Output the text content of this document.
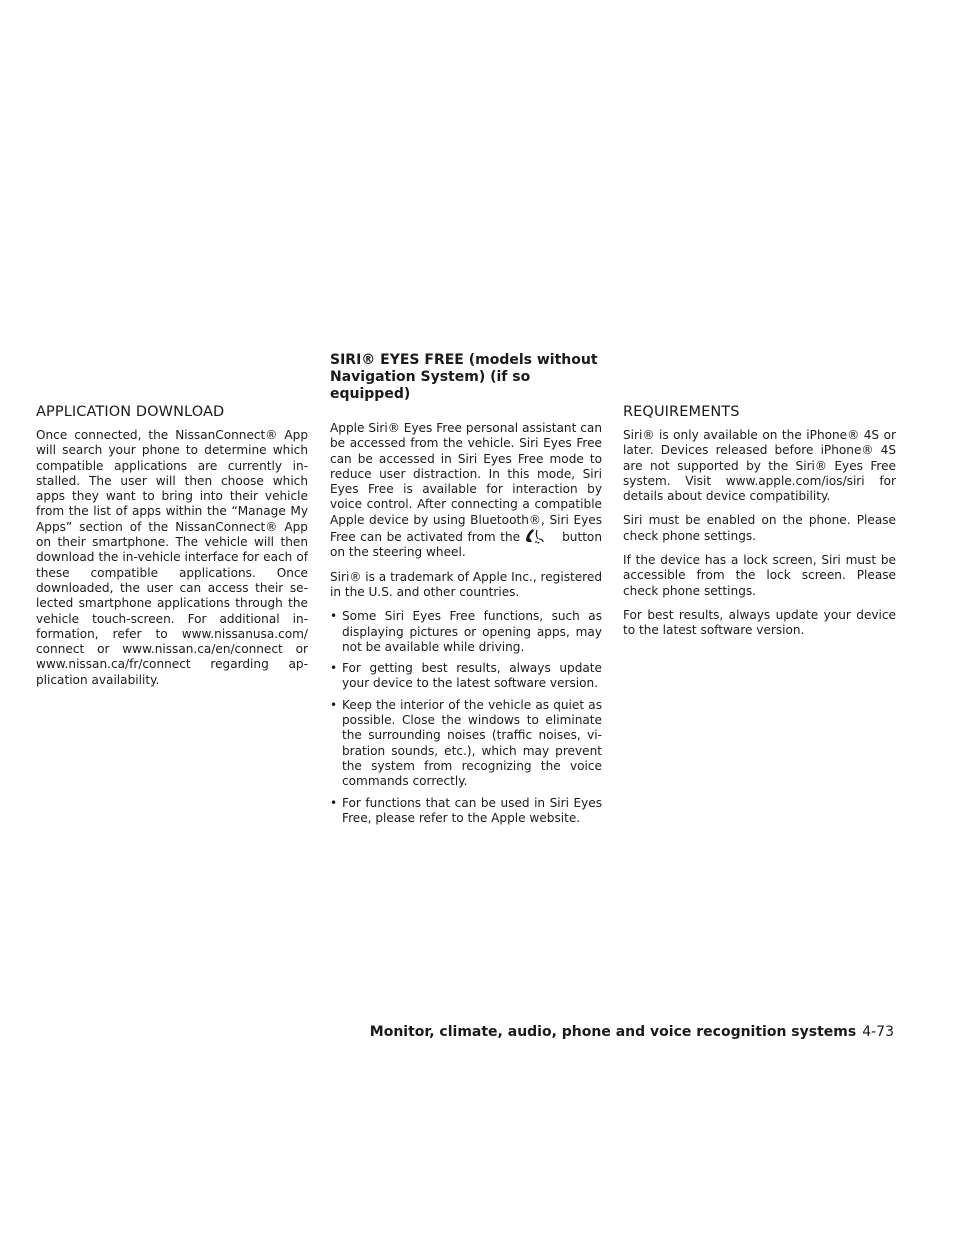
APPLICATION DOWNLOAD

Once connected, the NissanConnect® App will search your phone to determine which compatible applications are currently installed. The user will then choose which apps they want to bring into their vehicle from the list of apps within the “Manage My Apps” section of the NissanConnect® App on their smartphone. The vehicle will then download the in-vehicle interface for each of these compatible applications. Once downloaded, the user can access their selected smartphone applications through the vehicle touch-screen. For additional information, refer to www.nissanusa.com/ connect or www.nissan.ca/en/connect or www.nissan.ca/fr/connect regarding application availability.

SIRI® EYES FREE (models without Navigation System) (if so equipped)

Apple Siri® Eyes Free personal assistant can be accessed from the vehicle. Siri Eyes Free can be accessed in Siri Eyes Free mode to reduce user distraction. In this mode, Siri Eyes Free is available for interaction by voice control. After connecting a compatible Apple device by using Bluetooth®, Siri Eyes Free can be activated from the	button on the steering wheel.

Siri® is a trademark of Apple Inc., registered in the U.S. and other countries.

• Some Siri Eyes Free functions, such as displaying pictures or opening apps, may not be available while driving.
• For getting best results, always update your device to the latest software version.
• Keep the interior of the vehicle as quiet as possible. Close the windows to eliminate the surrounding noises (traffic noises, vibration sounds, etc.), which may prevent the system from recognizing the voice commands correctly.
• For functions that can be used in Siri Eyes Free, please refer to the Apple website.
REQUIREMENTS

Siri® is only available on the iPhone® 4S or later. Devices released before iPhone® 4S are not supported by the Siri® Eyes Free system. Visit www.apple.com/ios/siri for details about device compatibility.

Siri must be enabled on the phone. Please check phone settings.

If the device has a lock screen, Siri must be accessible from the lock screen. Please check phone settings.

For best results, always update your device to the latest software version.

Monitor, climate, audio, phone and voice recognition systems 4-73
